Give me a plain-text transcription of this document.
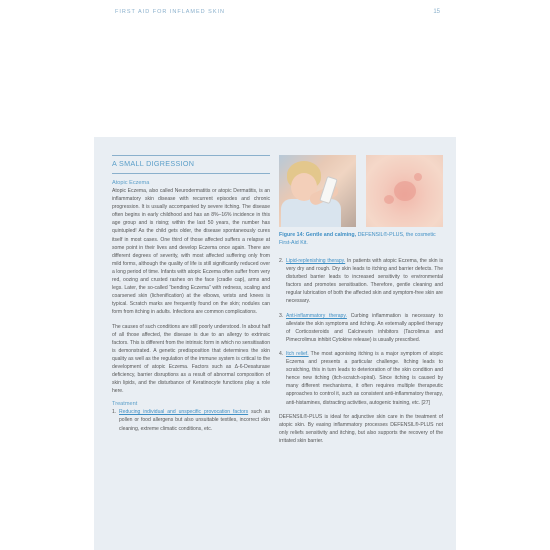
FIRST AID FOR INFLAMED SKIN	15
A SMALL DIGRESSION
Atopic Eczema

Atopic Eczema, also called Neurodermatitis or atopic Dermatitis, is an inflammatory skin disease with recurrent episodes and chronic progression. It is usually accompanied by severe itching. The disease often begins in early childhood and has an 8%–16% incidence in this age group and is rising; within the last 50 years, the number has quintupled! As the child gets older, the disease spontaneously cures itself in most cases. One third of those affected suffers a relapse at some point in their lives and develop Eczema once again. There are different degrees of severity, with most affected suffering only from mild forms, although the quality of life is still significantly reduced over a long period of time. Infants with atopic Eczema often suffer from very red, oozing and crusted rashes on the face (cradle cap), arms and legs. Later, the so-called “bending Eczema” with redness, scaling and coarsened skin (lichenification) at the elbows, wrists and knees is typical. Scratch marks are frequently found on the skin; nodules can form from itching in adults. Infections are common complications.

The causes of such conditions are still poorly understood. In about half of all those affected, the disease is due to an allergy to extrinsic factors. This is different from the intrinsic form in which no sensitisation is demonstrated. A genetic predisposition that determines the skin quality as well as the regulation of the immune system is critical to the development of atopic Eczema. Factors such as Δ-6-Desaturase deficiency, barrier disruptions as a result of abnormal composition of skin lipids, and the disturbance of Keratinocyte functions play a role here.

Treatment
1. Reducing individual and unspecific provocation factors such as pollen or food allergens but also unsuitable textiles, incorrect skin cleaning, extreme climatic conditions, etc.
Figure 14: Gentle and calming, DEFENSIL®-PLUS, the cosmetic First-Aid Kit.
2. Lipid-replenishing therapy. In patients with atopic Eczema, the skin is very dry and rough. Dry skin leads to itching and barrier defects. The disturbed barrier leads to increased sensitivity to environmental factors and promotes sensitisation. Therefore, gentle cleaning and regular lubrication of both the affected skin and symptom-free skin are necessary.
3. Anti-inflammatory therapy. Curbing inflammation is necessary to alleviate the skin symptoms and itching. An externally applied therapy of Corticosteroids and Calcineurin inhibitors (Tacrolimus and Pimecrolimus inhibit Cytokine release) is usually prescribed.
4. Itch relief. The most agonising itching is a major symptom of atopic Eczema and presents a particular challenge. Itching leads to scratching, this in turn leads to deterioration of the skin condition and hence new itching (itch-scratch-spiral). Since itching is caused by many different mechanisms, it often requires multiple therapeutic approaches to control it, such as consistent anti-inflammatory therapy, anti-histamines, distracting activities, autogenic training, etc. [27]

DEFENSIL®-PLUS is ideal for adjunctive skin care in the treatment of atopic skin. By easing inflammatory processes DEFENSIL®-PLUS not only reliefs sensitivity and itching, but also supports the recovery of the irritated skin barrier.
